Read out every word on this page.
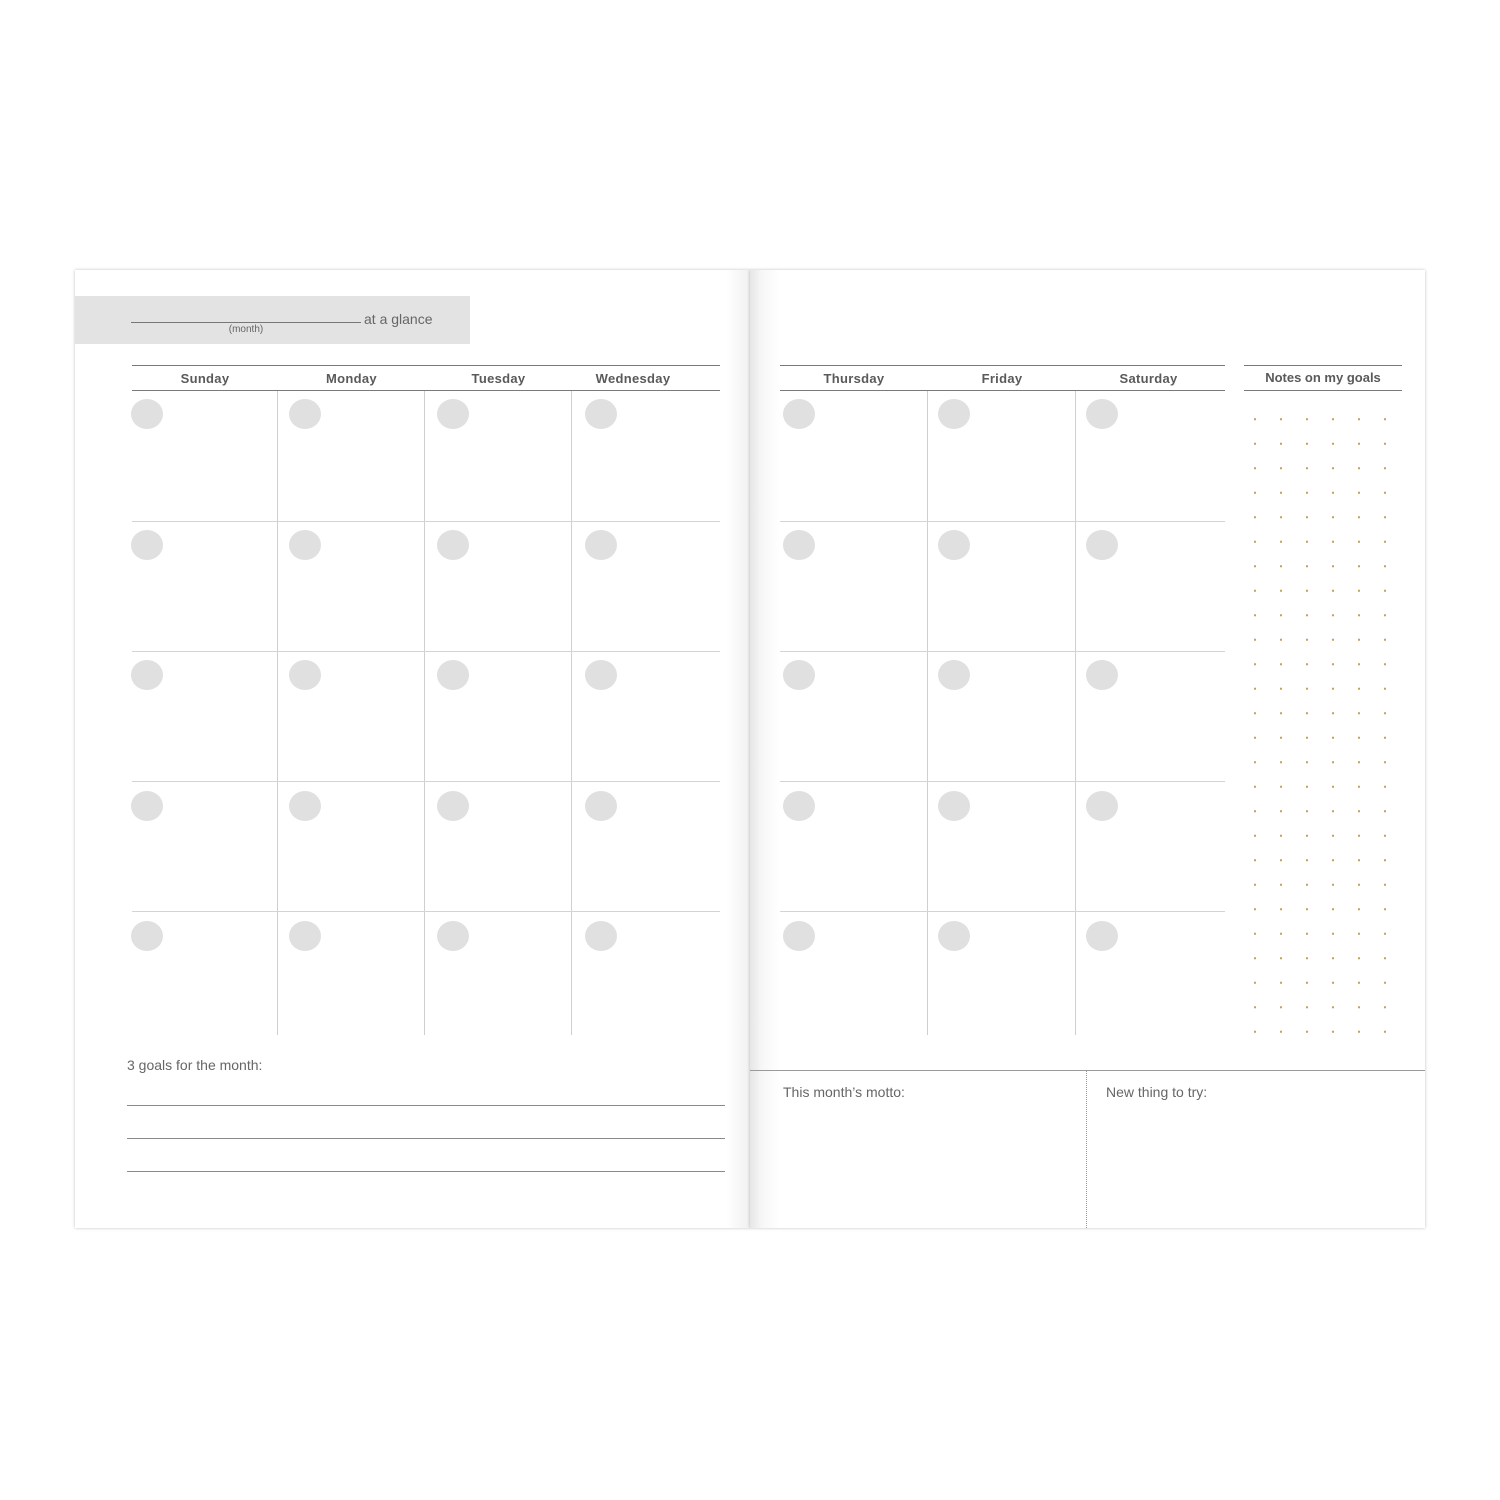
(month)
at a glance
Sunday	Monday	Tuesday	Wednesday
3 goals for the month:
Thursday	Friday	Saturday	Notes on my goals
This month’s motto:	New thing to try:
